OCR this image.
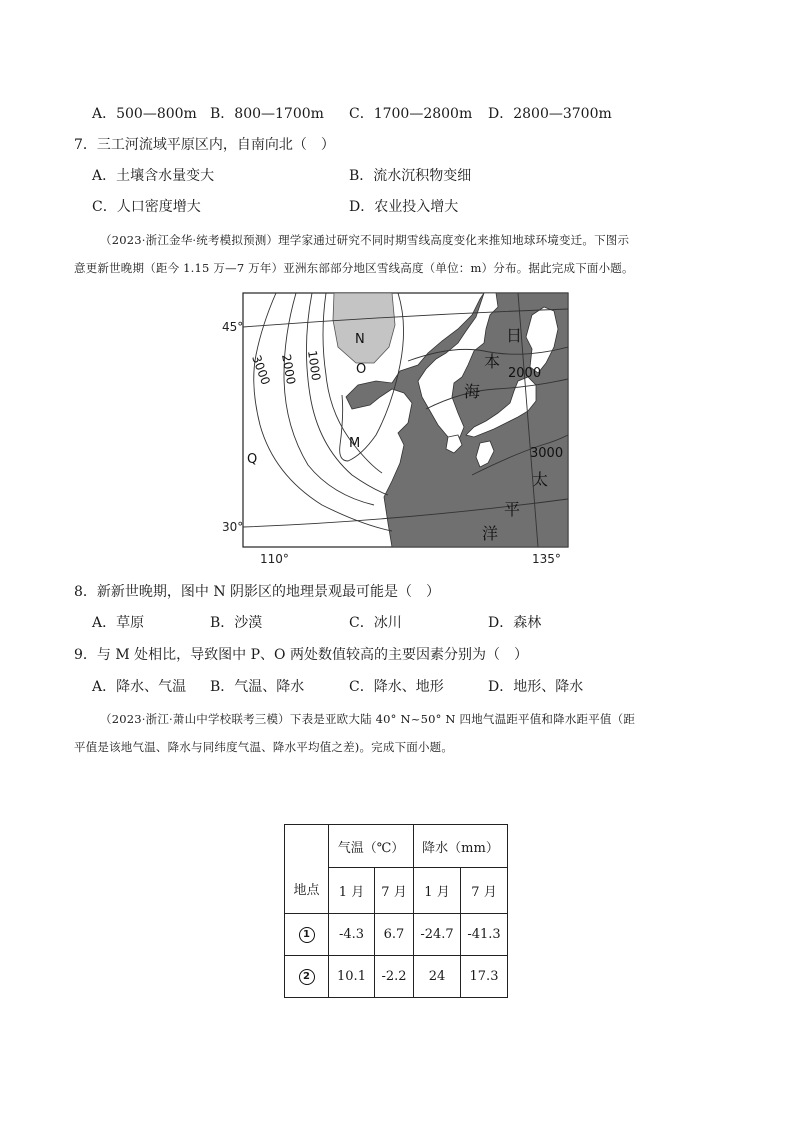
A．500—800m B．800—1700m C．1700—2800m D．2800—3700m
7．三工河流域平原区内，自南向北（　）
A．土壤含水量变大	B．流水沉积物变细
C．人口密度增大	D．农业投入增大
（2023·浙江金华·统考模拟预测）理学家通过研究不同时期雪线高度变化来推知地球环境变迁。下图示
意更新世晚期（距今 1.15 万—7 万年）亚洲东部部分地区雪线高度（单位：m）分布。据此完成下面小题。
45°
30°
110°	135°
N
O
M
Q
3000 2000 1000	2000
3000
日
本
海
太
平
洋
8．新新世晚期，图中 N 阴影区的地理景观最可能是（　）
A．草原	B．沙漠	C．冰川	D．森林
9．与 M 处相比，导致图中 P、O 两处数值较高的主要因素分别为（　）
A．降水、气温 B．气温、降水	C．降水、地形	D．地形、降水
（2023·浙江·萧山中学校联考三模）下表是亚欧大陆 40° N~50° N 四地气温距平值和降水距平值（距
平值是该地气温、降水与同纬度气温、降水平均值之差)。完成下面小题。
地点	气温（℃）		降水（mm）	
	1 月	7 月	1 月	7 月
1	-4.3	6.7	-24.7	-41.3
2	10.1	-2.2	24	17.3
